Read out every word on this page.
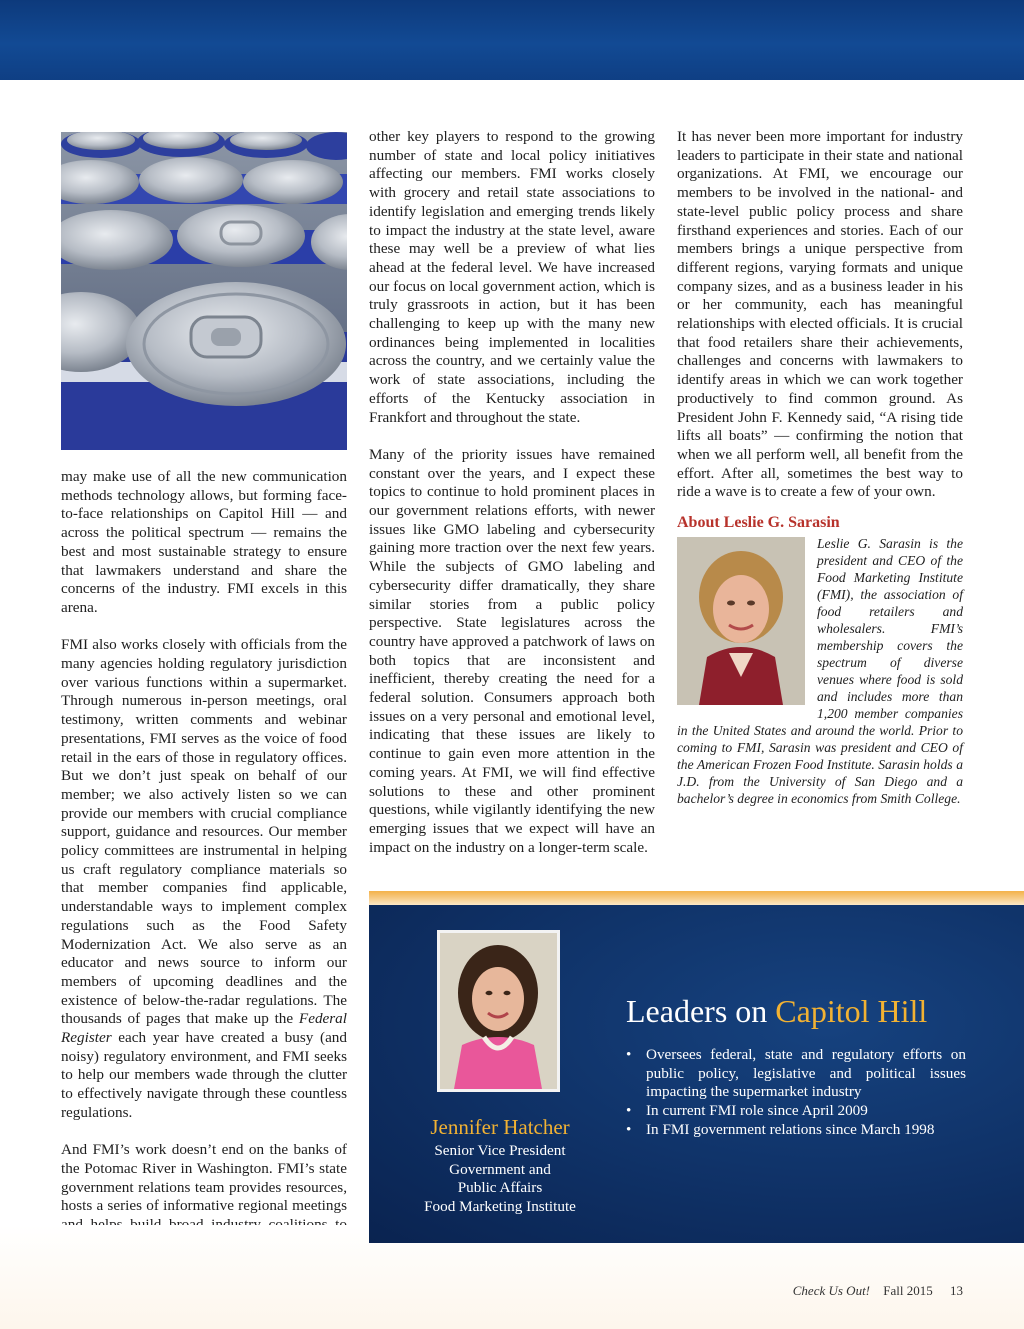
may make use of all the new communication methods technology allows, but forming face-to-face relationships on Capitol Hill — and across the political spectrum — remains the best and most sustainable strategy to ensure that lawmakers understand and share the concerns of the industry. FMI excels in this arena.

FMI also works closely with officials from the many agencies holding regulatory jurisdiction over various functions within a supermarket. Through numerous in-person meetings, oral testimony, written comments and webinar presentations, FMI serves as the voice of food retail in the ears of those in regulatory offices. But we don’t just speak on behalf of our member; we also actively listen so we can provide our members with crucial compliance support, guidance and resources. Our member policy committees are instrumental in helping us craft regulatory compliance materials so that member companies find applicable, understandable ways to implement complex regulations such as the Food Safety Modernization Act. We also serve as an educator and news source to inform our members of upcoming deadlines and the existence of below-the-radar regulations. The thousands of pages that make up the Federal Register each year have created a busy (and noisy) regulatory environment, and FMI seeks to help our members wade through the clutter to effectively navigate through these countless regulations.

And FMI’s work doesn’t end on the banks of the Potomac River in Washington. FMI’s state government relations team provides resources, hosts a series of informative regional meetings

other key players to respond to the growing number of state and local policy initiatives affecting our members. FMI works closely with grocery and retail state associations to identify legislation and emerging trends likely to impact the industry at the state level, aware these may well be a preview of what lies ahead at the federal level. We have increased our focus on local government action, which is truly grassroots in action, but it has been challenging to keep up with the many new ordinances being implemented in localities across the country, and we certainly value the work of state associations, including the efforts of the Kentucky association in Frankfort and throughout the state.

Many of the priority issues have remained constant over the years, and I expect these topics to continue to hold prominent places in our government relations efforts, with newer issues like GMO labeling and cybersecurity gaining more traction over the next few years. While the subjects of GMO labeling and cybersecurity differ dramatically, they share similar stories from a public policy perspective. State legislatures across the country have approved a patchwork of laws on both topics that are inconsistent and inefficient, thereby creating the need for a federal solution. Consumers approach both issues on a very personal and emotional level, indicating that these issues are likely to continue to gain even more attention in the coming years. At FMI, we will find effective solutions to these and other prominent questions, while vigilantly identifying the new emerging issues that we expect will have an impact on the industry on a longer-term scale.

It has never been more important for industry leaders to participate in their state and national organizations. At FMI, we encourage our members to be involved in the national- and state-level public policy process and share firsthand experiences and stories. Each of our members brings a unique perspective from different regions, varying formats and unique company sizes, and as a business leader in his or her community, each has meaningful relationships with elected officials. It is crucial that food retailers share their achievements, challenges and concerns with lawmakers to identify areas in which we can work together productively to find common ground. As President John F. Kennedy said, “A rising tide lifts all boats” — confirming the notion that when we all perform well, all benefit from the effort. After all, sometimes the best way to ride a wave is to create a few of your own.

About Leslie G. Sarasin
Leslie G. Sarasin is the president and CEO of the Food Marketing Institute (FMI), the association of food retailers and wholesalers. FMI’s membership covers the spectrum of diverse venues where food is sold and includes more than 1,200 member companies in the United States and around the world. Prior to coming to FMI, Sarasin was president and CEO of the American Frozen Food Institute. Sarasin holds a J.D. from the University of San Diego and a bachelor’s degree in economics from Smith College.
Jennifer Hatcher
Senior Vice President
Government and
Public Affairs
Food Marketing Institute
Leaders on Capitol Hill
• Oversees federal, state and regulatory efforts on public policy, legislative and political issues impacting the supermarket industry
• In current FMI role since April 2009
• In FMI government relations since March 1998
Check Us Out! Fall 2015 13
